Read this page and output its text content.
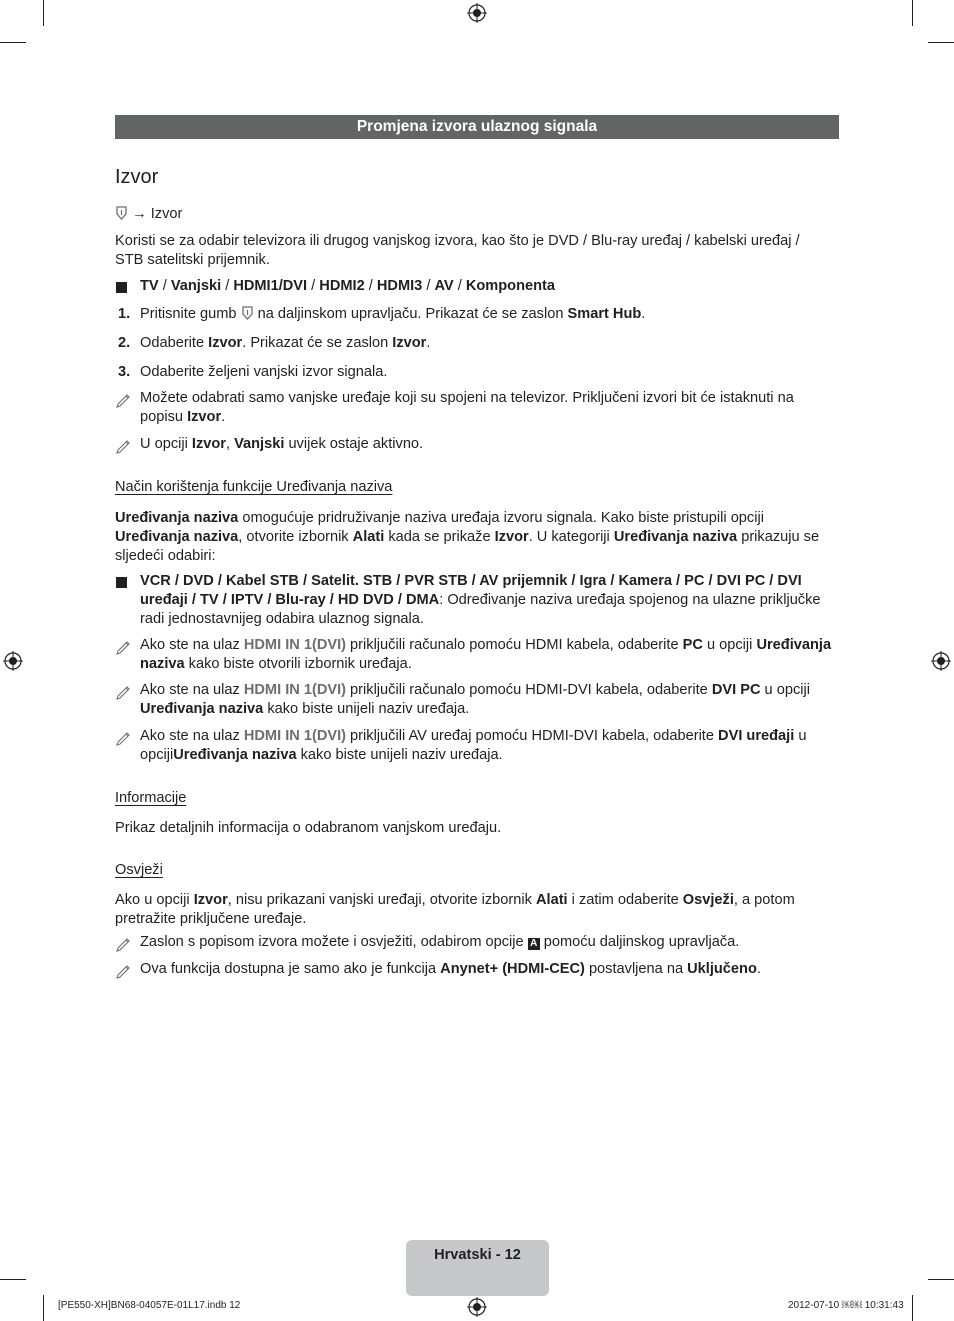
Promjena izvora ulaznog signala
Izvor
→ Izvor
Koristi se za odabir televizora ili drugog vanjskog izvora, kao što je DVD / Blu-ray uređaj / kabelski uređaj / STB satelitski prijemnik.
TV / Vanjski / HDMI1/DVI / HDMI2 / HDMI3 / AV / Komponenta
1. Pritisnite gumb  na daljinskom upravljaču. Prikazat će se zaslon Smart Hub.
2. Odaberite Izvor. Prikazat će se zaslon Izvor.
3. Odaberite željeni vanjski izvor signala.
Možete odabrati samo vanjske uređaje koji su spojeni na televizor. Priključeni izvori bit će istaknuti na popisu Izvor.
U opciji Izvor, Vanjski uvijek ostaje aktivno.
Način korištenja funkcije Uređivanja naziva
Uređivanja naziva omogućuje pridruživanje naziva uređaja izvoru signala. Kako biste pristupili opciji Uređivanja naziva, otvorite izbornik Alati kada se prikaže Izvor. U kategoriji Uređivanja naziva prikazuju se sljedeći odabiri:
VCR / DVD / Kabel STB / Satelit. STB / PVR STB / AV prijemnik / Igra / Kamera / PC / DVI PC / DVI uređaji / TV / IPTV / Blu-ray / HD DVD / DMA: Određivanje naziva uređaja spojenog na ulazne priključke radi jednostavnijeg odabira ulaznog signala.
Ako ste na ulaz HDMI IN 1(DVI) priključili računalo pomoću HDMI kabela, odaberite PC u opciji Uređivanja naziva kako biste otvorili izbornik uređaja.
Ako ste na ulaz HDMI IN 1(DVI) priključili računalo pomoću HDMI-DVI kabela, odaberite DVI PC u opciji Uređivanja naziva kako biste unijeli naziv uređaja.
Ako ste na ulaz HDMI IN 1(DVI) priključili AV uređaj pomoću HDMI-DVI kabela, odaberite DVI uređaji u opcijiUređivanja naziva kako biste unijeli naziv uređaja.
Informacije
Prikaz detaljnih informacija o odabranom vanjskom uređaju.
Osvježi
Ako u opciji Izvor, nisu prikazani vanjski uređaji, otvorite izbornik Alati i zatim odaberite Osvježi, a potom pretražite priključene uređaje.
Zaslon s popisom izvora možete i osvježiti, odabirom opcije A pomoću daljinskog upravljača.
Ova funkcija dostupna je samo ako je funkcija Anynet+ (HDMI-CEC) postavljena na Uključeno.
Hrvatski - 12
[PE550-XH]BN68-04057E-01L17.indb 12	2012-07-10 ￼￼ 10:31:43
